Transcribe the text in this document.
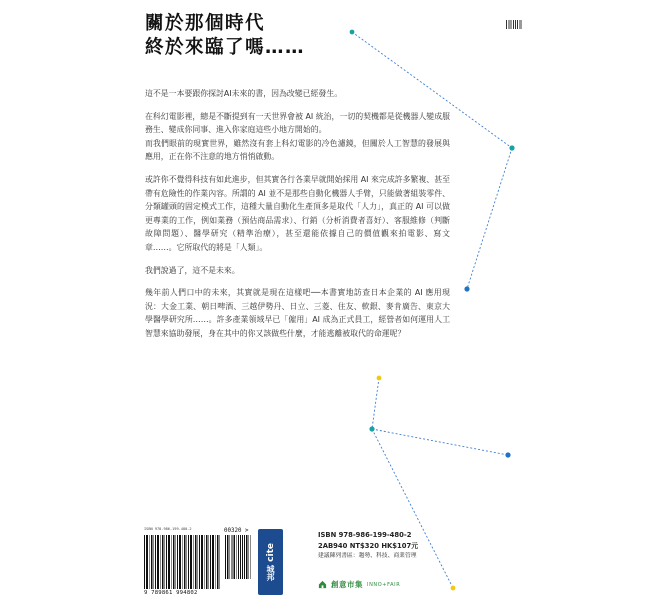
關於那個時代
終於來臨了嗎……

這不是一本要跟你探討AI未來的書，因為改變已經發生。

在科幻電影裡，總是不斷提到有一天世界會被 AI 統治，一切的契機都是從機器人變成服務生、變成你同事、進入你家庭這些小地方開始的。

而我們眼前的現實世界，雖然沒有套上科幻電影的冷色濾鏡，但關於人工智慧的發展與應用，正在你不注意的地方悄悄啟動。

或許你不覺得科技有如此進步，但其實各行各業早就開始採用 AI 來完成許多繁複、甚至帶有危險性的作業內容。所謂的 AI 並不是那些自動化機器人手臂，只能做著組裝零件、分類罐頭的固定模式工作，這種大量自動化生產頂多是取代「人力」，真正的 AI 可以做更專業的工作，例如業務（預估商品需求）、行銷（分析消費者喜好）、客服維修（判斷故障問題）、醫學研究（精準治療），甚至還能依據自己的價值觀來拍電影、寫文章……。它所取代的將是「人類」。

我們說過了，這不是未來。

幾年前人們口中的未來，其實就是現在這樣吧──本書實地訪查日本企業的 AI 應用現況：大金工業、朝日啤酒、三越伊勢丹、日立、三菱、住友、軟銀、麥肯廣告、東京大學醫學研究所……。許多產業領域早已「僱用」AI 成為正式員工，經營者如何運用人工智慧來協助發展，身在其中的你又該做些什麼，才能逃離被取代的命運呢？

ISBN 978-986-199-480-2	00320 >
9 789861 994802
cite
城邦
ISBN 978-986-199-480-2
2AB940 NT$320 HK$107元
建議陳列書區：趨勢、科技、商業管理
創意市集 INNO+FAIR
